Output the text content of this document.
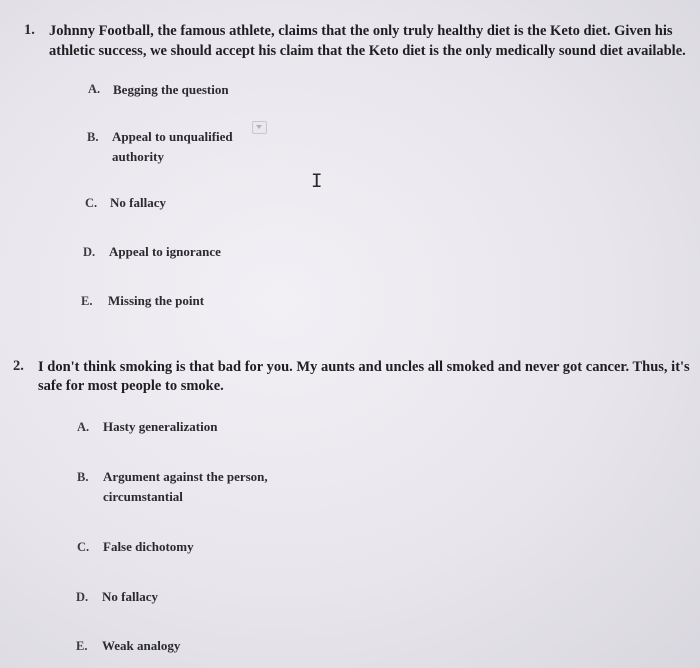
1. Johnny Football, the famous athlete, claims that the only truly healthy diet is the Keto diet. Given his
athletic success, we should accept his claim that the Keto diet is the only medically sound diet available.
A. Begging the question
B. Appeal to unqualified
authority
I
C. No fallacy
D. Appeal to ignorance
E. Missing the point
2. I don't think smoking is that bad for you. My aunts and uncles all smoked and never got cancer. Thus, it's
safe for most people to smoke.
A. Hasty generalization
B. Argument against the person,
circumstantial
C. False dichotomy
D. No fallacy
E. Weak analogy
